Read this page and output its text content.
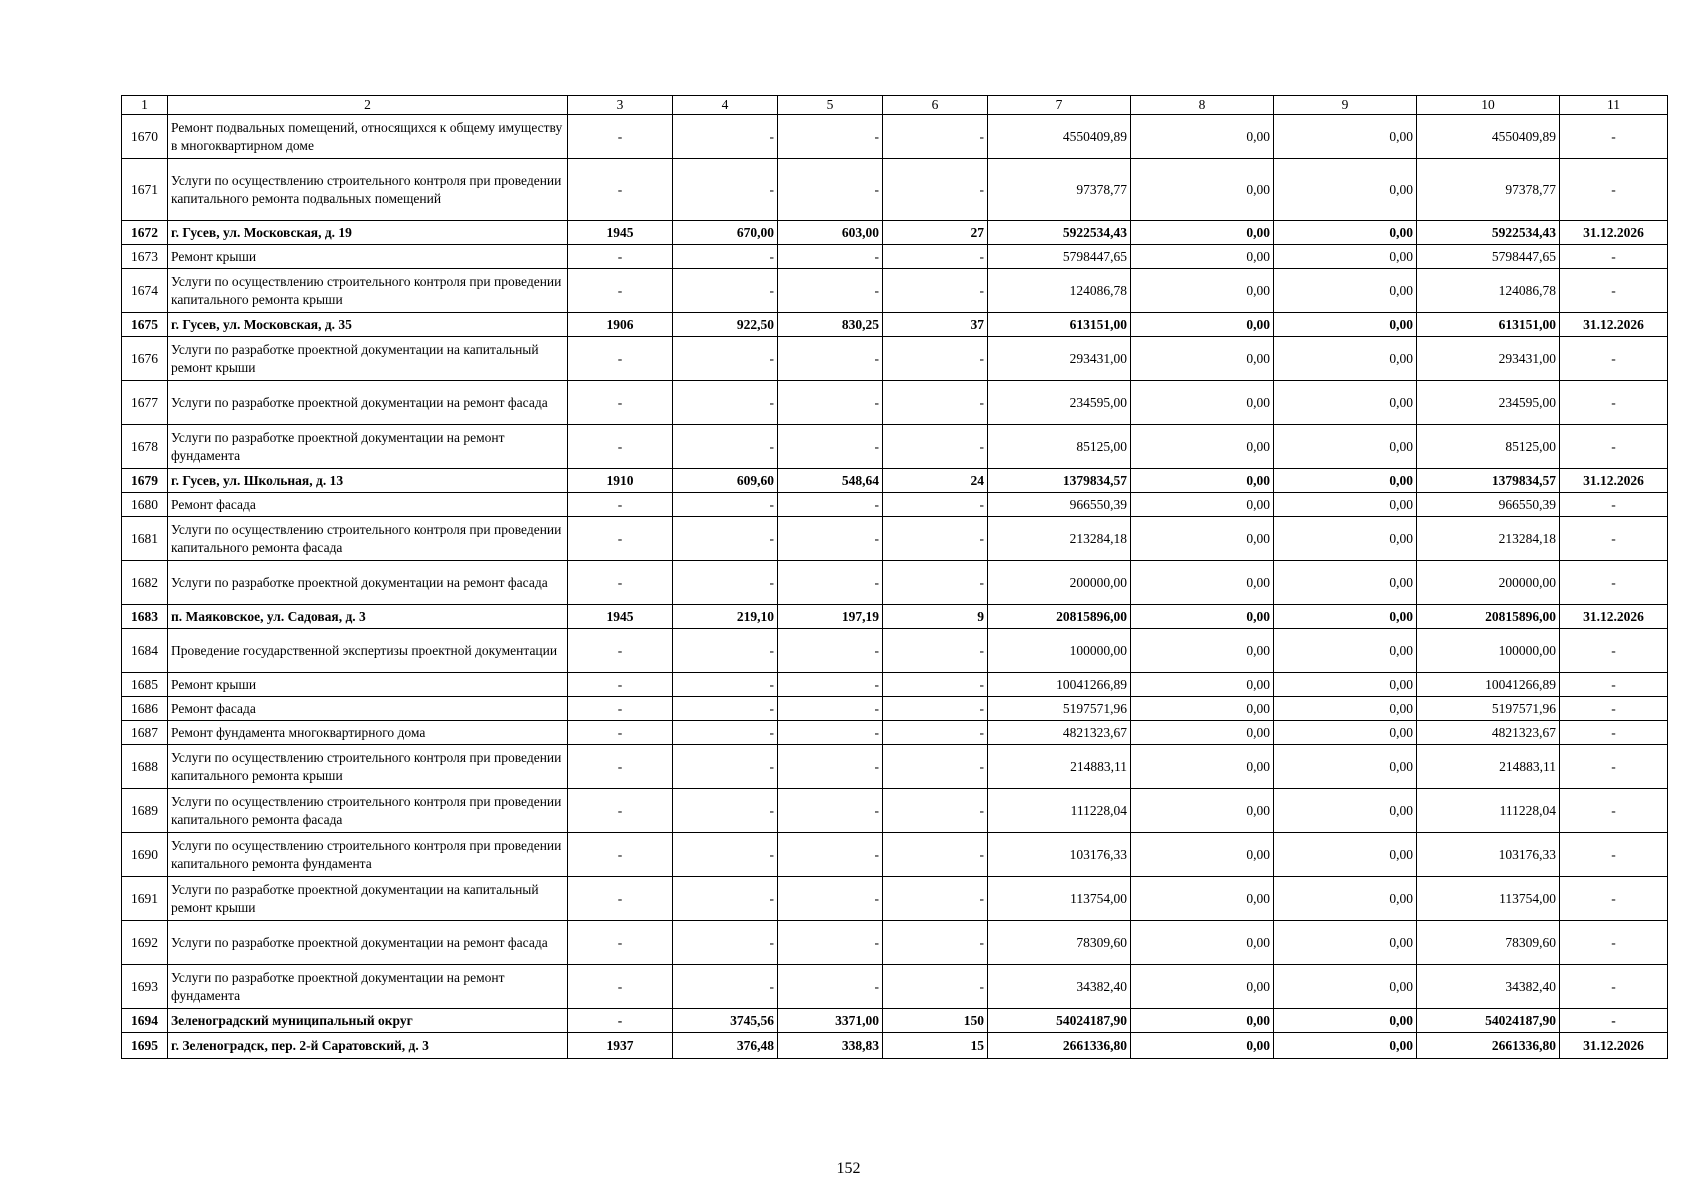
1	2	3	4	5	6	7	8	9	10	11
1670	Ремонт подвальных помещений, относящихся к общему имуществу в многоквартирном доме	-	-	-	-	4550409,89	0,00	0,00	4550409,89	-
1671	Услуги по осуществлению строительного контроля при проведении капитального ремонта подвальных помещений	-	-	-	-	97378,77	0,00	0,00	97378,77	-
1672	г. Гусев, ул. Московская, д. 19	1945	670,00	603,00	27	5922534,43	0,00	0,00	5922534,43	31.12.2026
1673	Ремонт крыши	-	-	-	-	5798447,65	0,00	0,00	5798447,65	-
1674	Услуги по осуществлению строительного контроля при проведении капитального ремонта крыши	-	-	-	-	124086,78	0,00	0,00	124086,78	-
1675	г. Гусев, ул. Московская, д. 35	1906	922,50	830,25	37	613151,00	0,00	0,00	613151,00	31.12.2026
1676	Услуги по разработке проектной документации на капитальный ремонт крыши	-	-	-	-	293431,00	0,00	0,00	293431,00	-
1677	Услуги по разработке проектной документации на ремонт фасада	-	-	-	-	234595,00	0,00	0,00	234595,00	-
1678	Услуги по разработке проектной документации на ремонт фундамента	-	-	-	-	85125,00	0,00	0,00	85125,00	-
1679	г. Гусев, ул. Школьная, д. 13	1910	609,60	548,64	24	1379834,57	0,00	0,00	1379834,57	31.12.2026
1680	Ремонт фасада	-	-	-	-	966550,39	0,00	0,00	966550,39	-
1681	Услуги по осуществлению строительного контроля при проведении капитального ремонта фасада	-	-	-	-	213284,18	0,00	0,00	213284,18	-
1682	Услуги по разработке проектной документации на ремонт фасада	-	-	-	-	200000,00	0,00	0,00	200000,00	-
1683	п. Маяковское, ул. Садовая, д. 3	1945	219,10	197,19	9	20815896,00	0,00	0,00	20815896,00	31.12.2026
1684	Проведение государственной экспертизы проектной документации	-	-	-	-	100000,00	0,00	0,00	100000,00	-
1685	Ремонт крыши	-	-	-	-	10041266,89	0,00	0,00	10041266,89	-
1686	Ремонт фасада	-	-	-	-	5197571,96	0,00	0,00	5197571,96	-
1687	Ремонт фундамента многоквартирного дома	-	-	-	-	4821323,67	0,00	0,00	4821323,67	-
1688	Услуги по осуществлению строительного контроля при проведении капитального ремонта крыши	-	-	-	-	214883,11	0,00	0,00	214883,11	-
1689	Услуги по осуществлению строительного контроля при проведении капитального ремонта фасада	-	-	-	-	111228,04	0,00	0,00	111228,04	-
1690	Услуги по осуществлению строительного контроля при проведении капитального ремонта фундамента	-	-	-	-	103176,33	0,00	0,00	103176,33	-
1691	Услуги по разработке проектной документации на капитальный ремонт крыши	-	-	-	-	113754,00	0,00	0,00	113754,00	-
1692	Услуги по разработке проектной документации на ремонт фасада	-	-	-	-	78309,60	0,00	0,00	78309,60	-
1693	Услуги по разработке проектной документации на ремонт фундамента	-	-	-	-	34382,40	0,00	0,00	34382,40	-
1694	Зеленоградский муниципальный округ	-	3745,56	3371,00	150	54024187,90	0,00	0,00	54024187,90	-
1695	г. Зеленоградск, пер. 2-й Саратовский, д. 3	1937	376,48	338,83	15	2661336,80	0,00	0,00	2661336,80	31.12.2026
152
